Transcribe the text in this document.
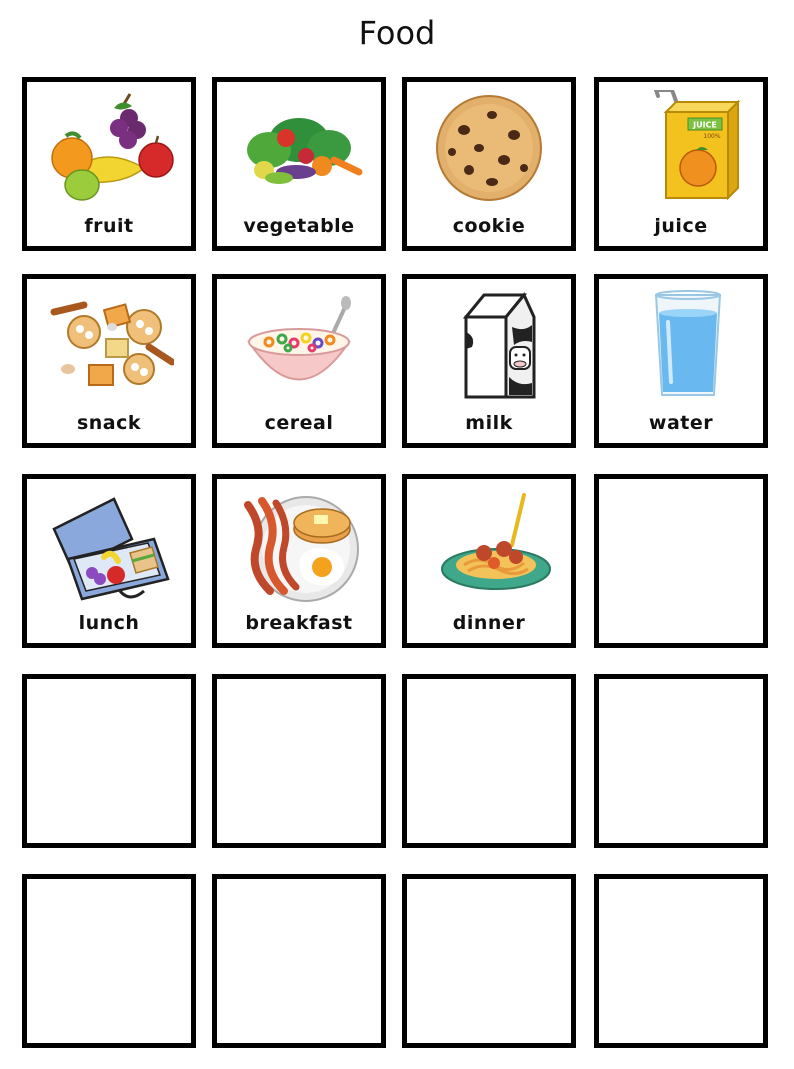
Food
fruit	vegetable	cookie
JUICE
100%
juice
snack	cereal	milk	water
lunch	breakfast	dinner
